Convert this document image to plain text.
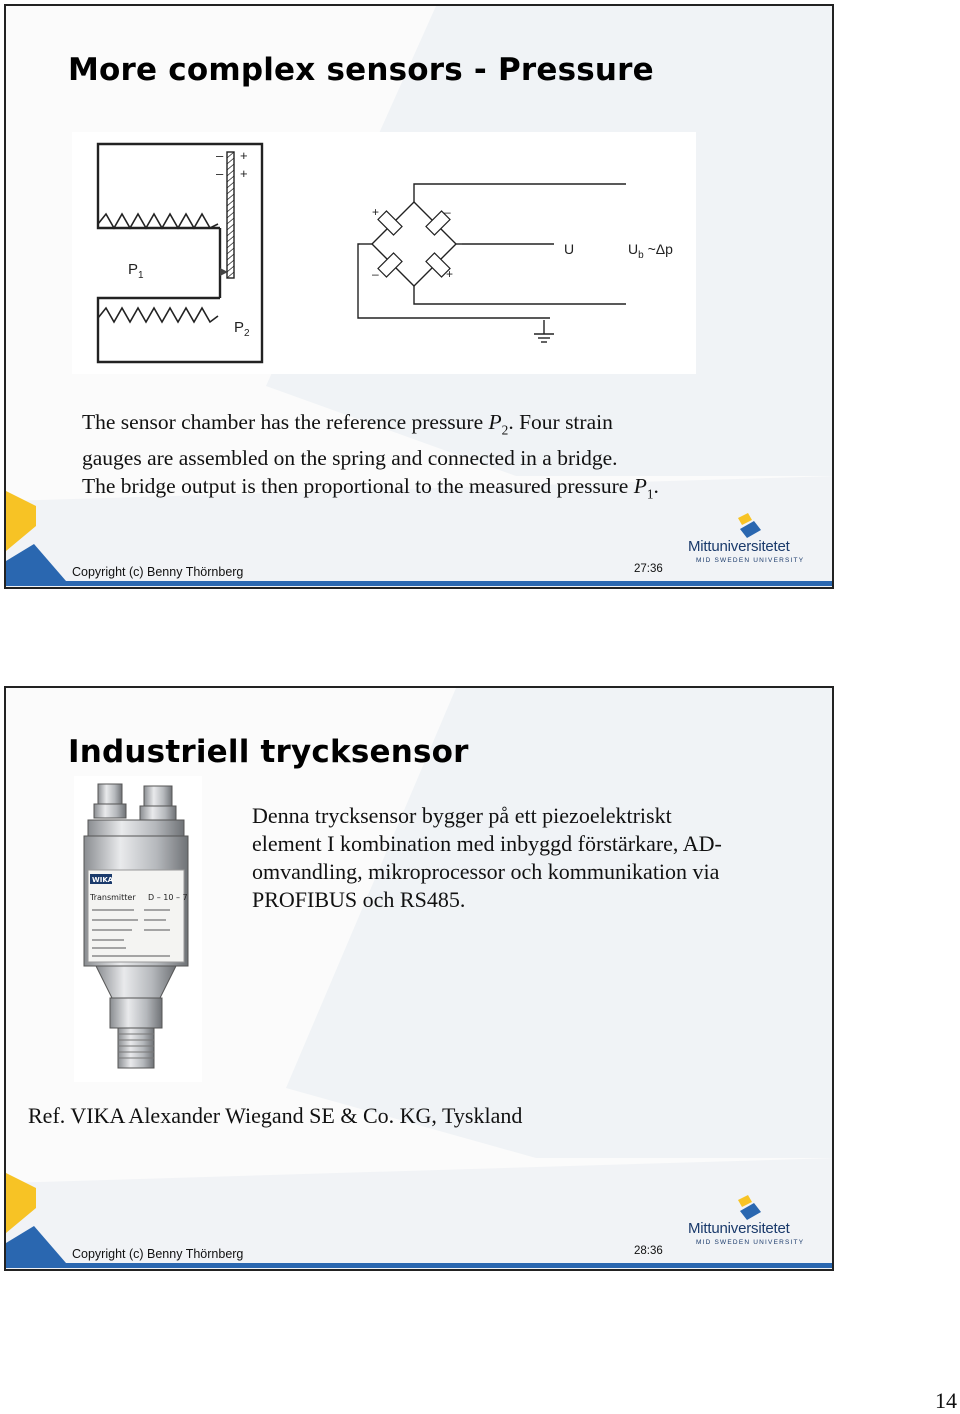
More complex sensors - Pressure
–
–
+
+
$P_1$
$P_2$
+	–
–	+
U	$U_b$ ~Δp

The sensor chamber has the reference pressure $P_2$. Four strain
gauges are assembled on the spring and connected in a bridge.
The bridge output is then proportional to the measured pressure $P_1$.

Copyright (c) Benny Thörnberg	27:36
Mittuniversitetet
MID SWEDEN UNIVERSITY
Industriell trycksensor
WIKA
Transmitter D – 10 – 7

Denna trycksensor bygger på ett piezoelektriskt
element I kombination med inbyggd förstärkare, AD-
omvandling, mikroprocessor och kommunikation via
PROFIBUS och RS485.

Ref. VIKA Alexander Wiegand SE & Co. KG, Tyskland

Copyright (c) Benny Thörnberg	28:36
Mittuniversitetet
MID SWEDEN UNIVERSITY
14
